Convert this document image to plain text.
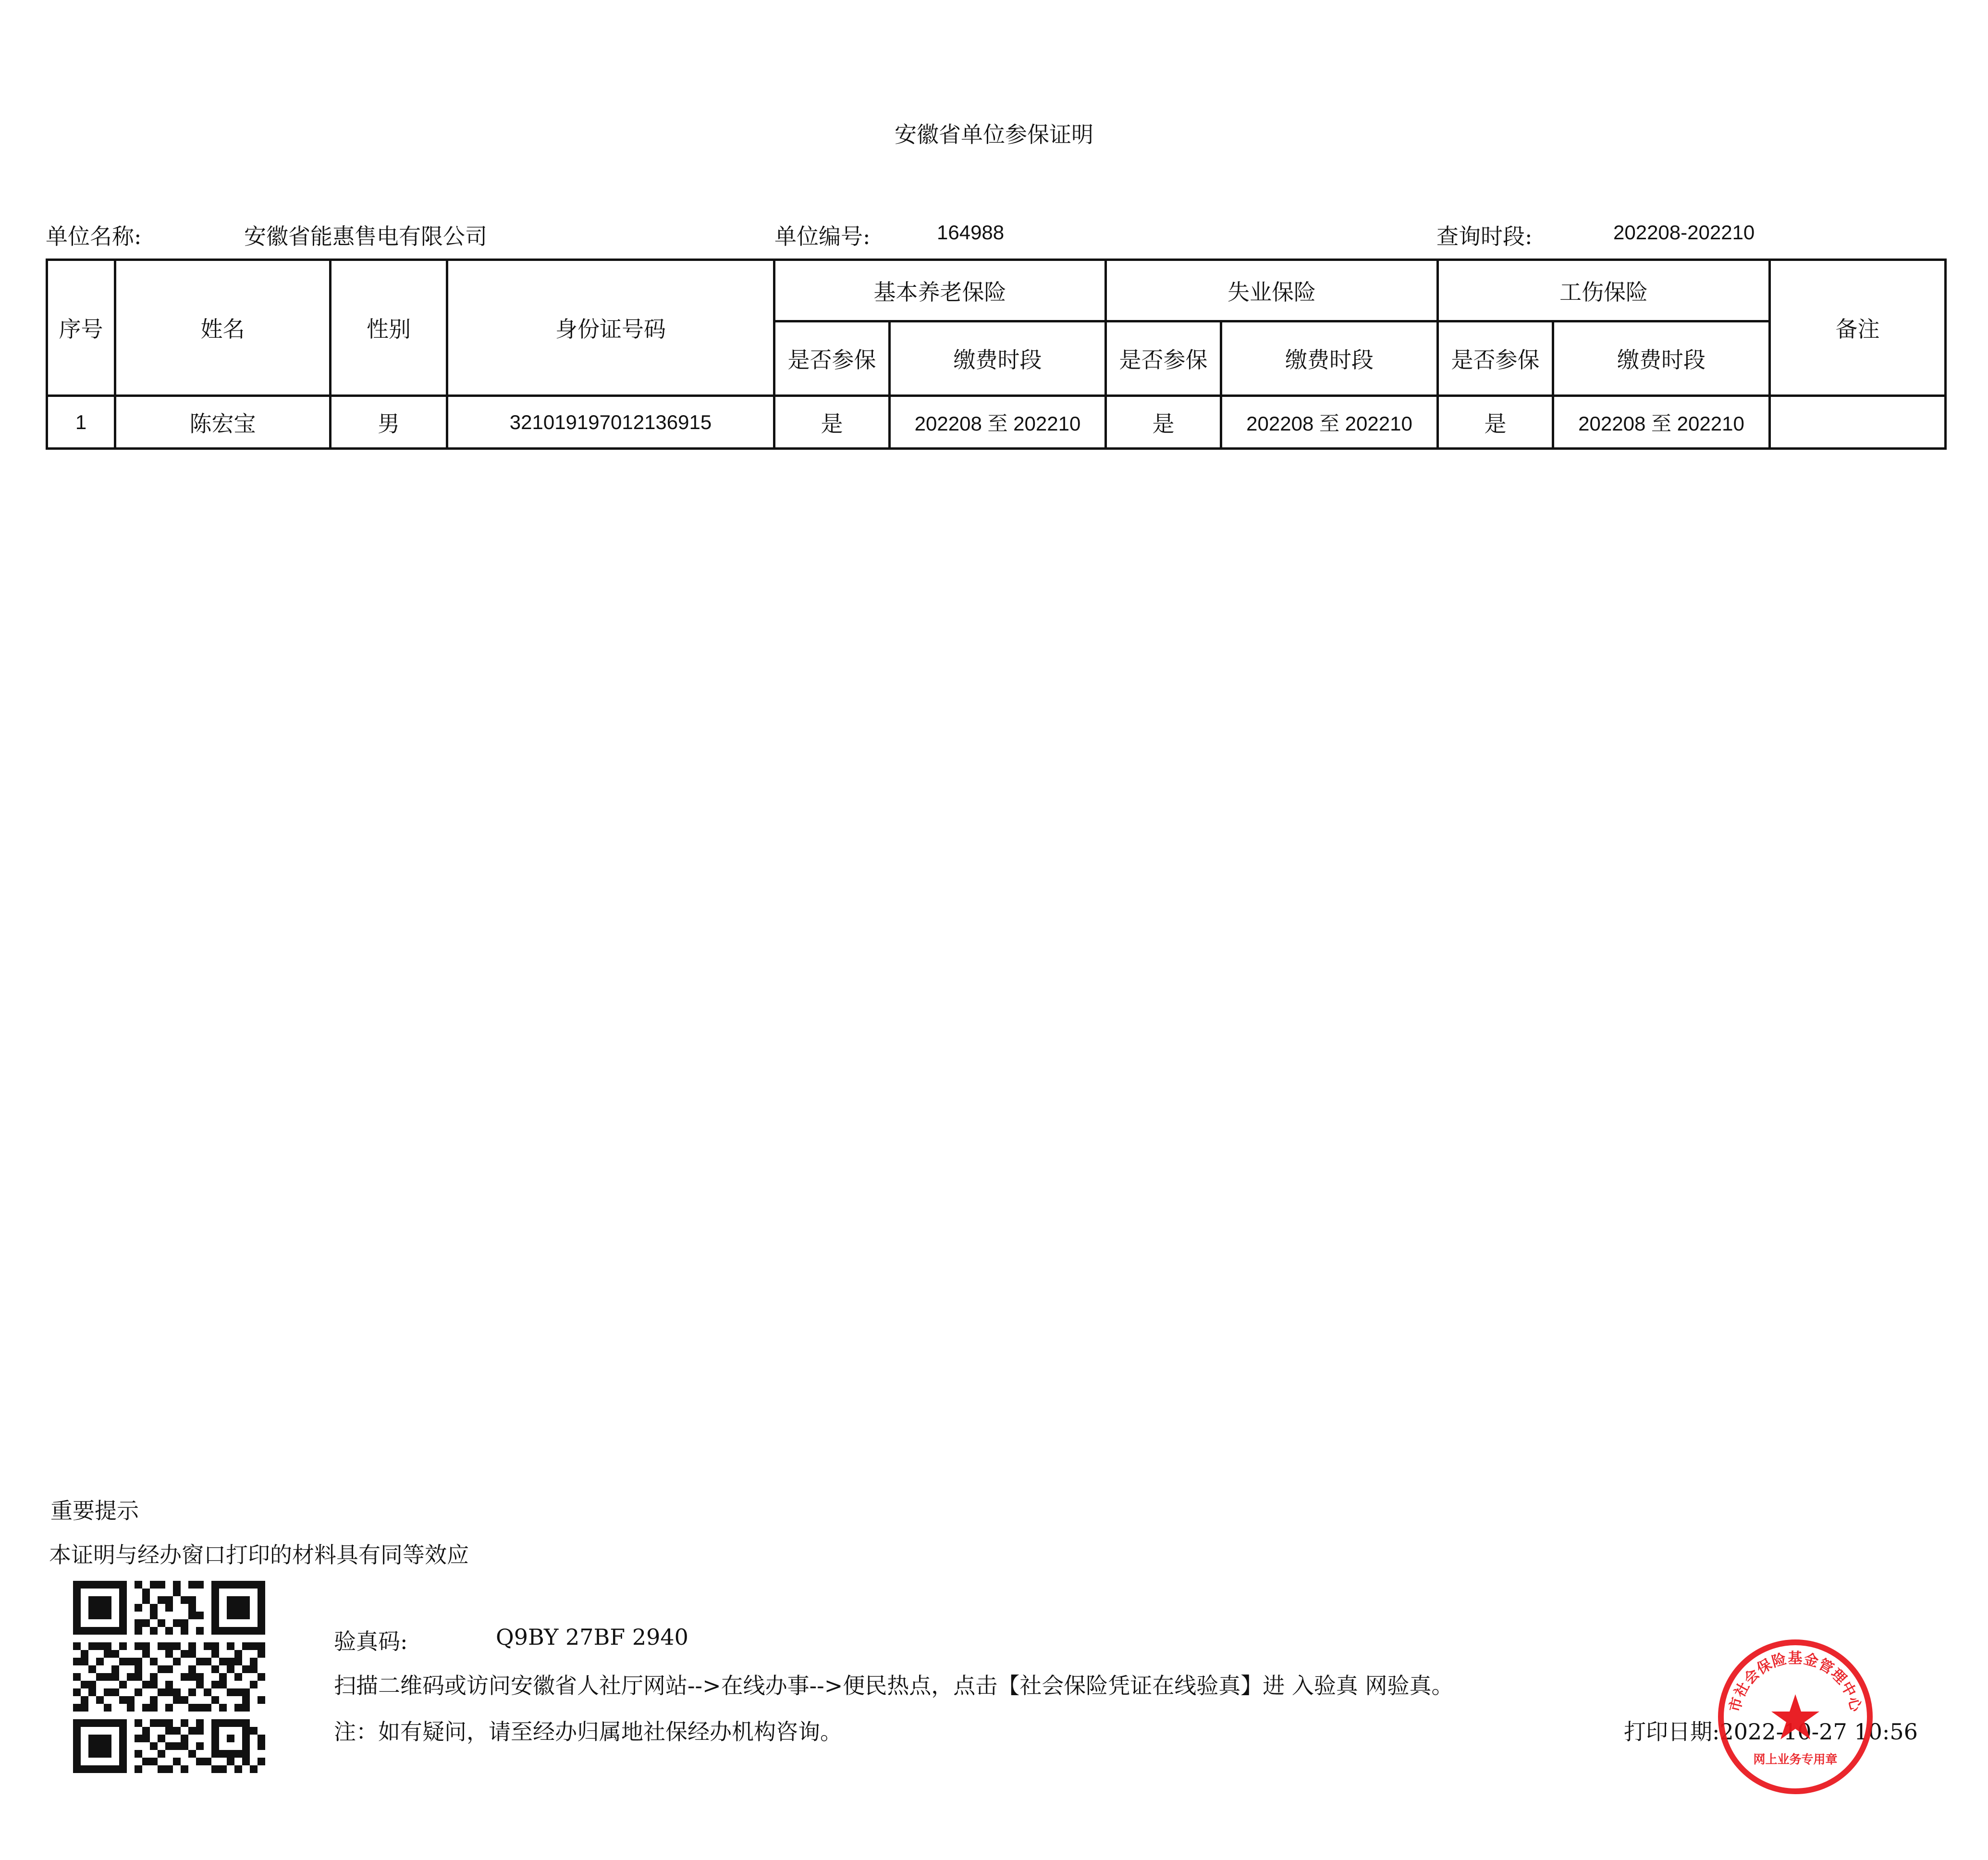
安徽省单位参保证明
单位名称:	安徽省能惠售电有限公司	单位编号:	164988	查询时段:	202208-202210
序号	姓名	性别	身份证号码	基本养老保险		失业保险		工伤保险		备注
				是否参保	缴费时段	是否参保	缴费时段	是否参保	缴费时段	
1	陈宏宝	男	321019197012136915	是	202208 至 202210	是	202208 至 202210	是	202208 至 202210	
重要提示
本证明与经办窗口打印的材料具有同等效应
验真码:	Q9BY 27BF 2940
扫描二维码或访问安徽省人社厅网站-->在线办事-->便民热点，点击【社会保险凭证在线验真】进 入验真 网验真。
注：如有疑问，请至经办归属地社保经办机构咨询。	打印日期:2022-10-27 10:56
市社会保险基金管理中心
网上业务专用章
